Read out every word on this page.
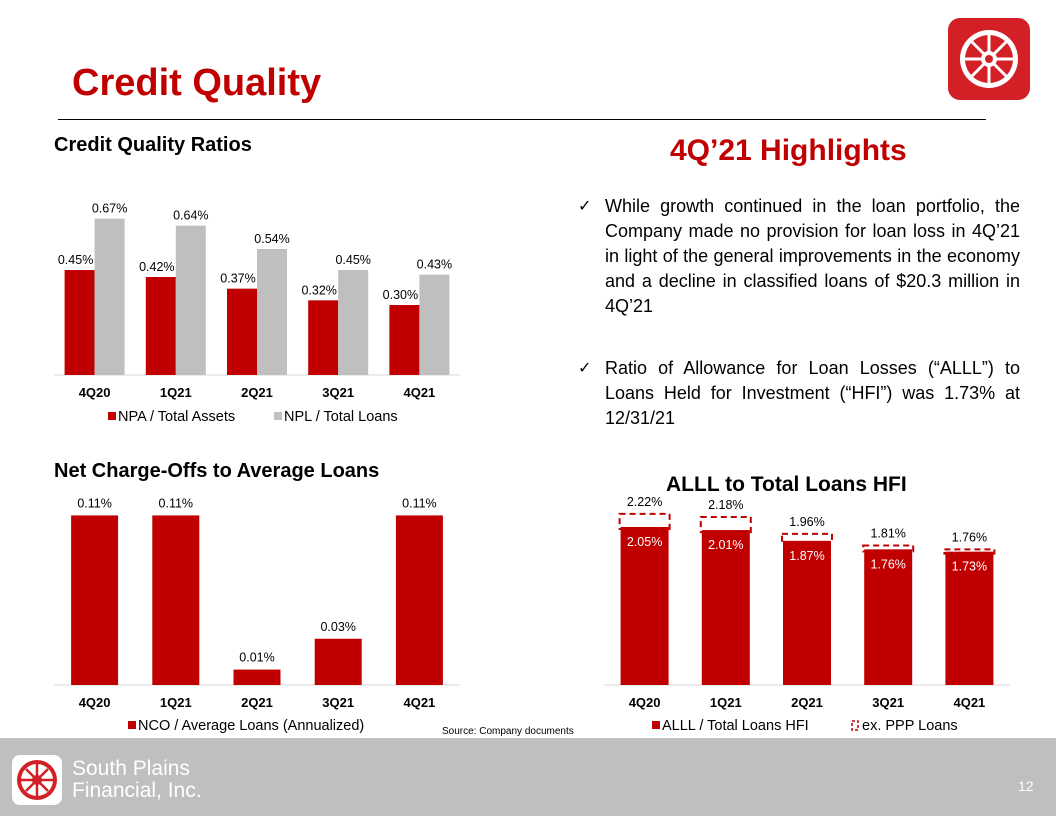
Credit Quality
Credit Quality Ratios
Net Charge-Offs to Average Loans
ALLL to Total Loans HFI
4Q’21 Highlights
✓ While growth continued in the loan portfolio, the Company made no provision for loan loss in 4Q’21 in light of the general improvements in the economy and a decline in classified loans of $20.3 million in 4Q’21
✓ Ratio of Allowance for Loan Losses (“ALLL”) to Loans Held for Investment (“HFI”) was 1.73% at 12/31/21
4Q20
0.45%
0.67%
1Q21
0.42%
0.64%
2Q21
0.37%
0.54%
3Q21
0.32%
0.45%
4Q21
0.30%
0.43%
NPA / Total Assets	NPL / Total Loans
4Q20
0.11%
1Q21
0.11%
2Q21
0.01%
3Q21
0.03%
4Q21
0.11%
NCO / Average Loans (Annualized)
4Q20
2.05%
2.22%
1Q21
2.01%
2.18%
2Q21
1.87%
1.96%
3Q21
1.76%
1.81%
4Q21
1.73%
1.76%
ALLL / Total Loans HFI	ex. PPP Loans
Source: Company documents
South Plains
Financial, Inc.	12
